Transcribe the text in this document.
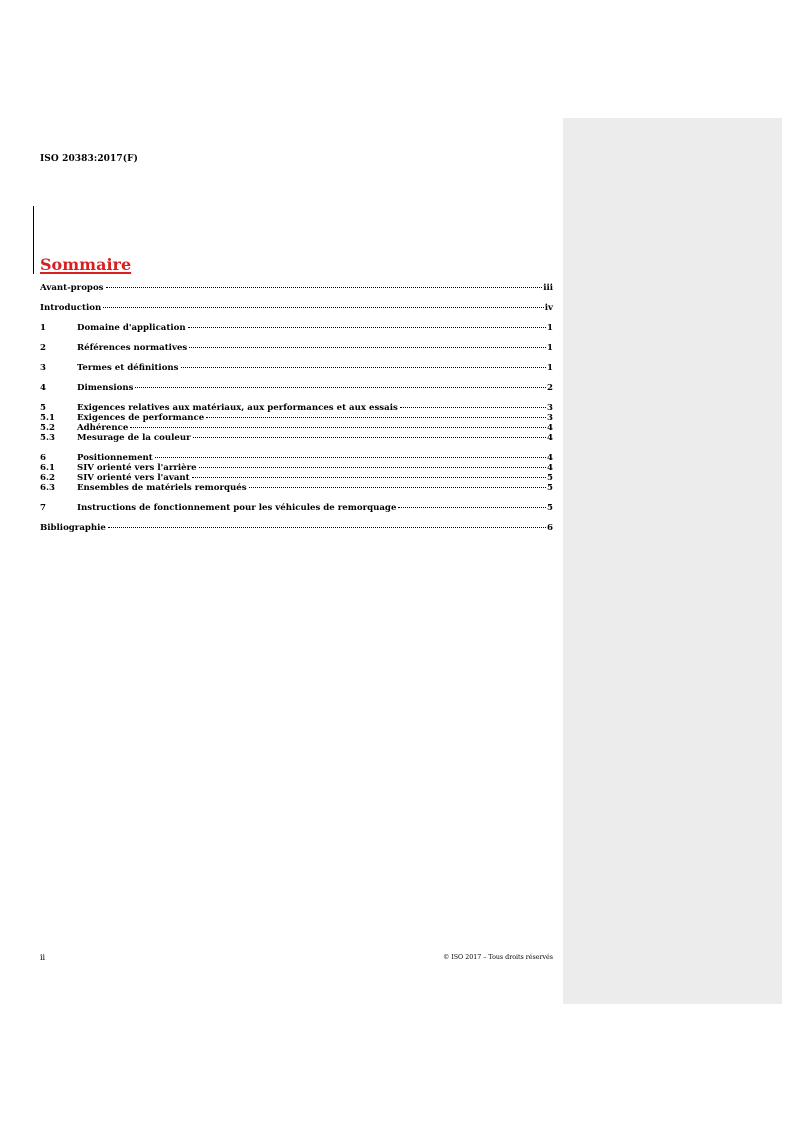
ISO 20383:2017(F)
Sommaire
Avant-propos	iii
Introduction	iv
1	Domaine d'application	1
2	Références normatives	1
3	Termes et définitions	1
4	Dimensions	2
5	Exigences relatives aux matériaux, aux performances et aux essais	3
5.1	Exigences de performance	3
5.2	Adhérence	4
5.3	Mesurage de la couleur	4
6	Positionnement	4
6.1	SIV orienté vers l'arrière	4
6.2	SIV orienté vers l'avant	5
6.3	Ensembles de matériels remorqués	5
7	Instructions de fonctionnement pour les véhicules de remorquage	5
Bibliographie	6
ii	© ISO 2017 – Tous droits réservés
